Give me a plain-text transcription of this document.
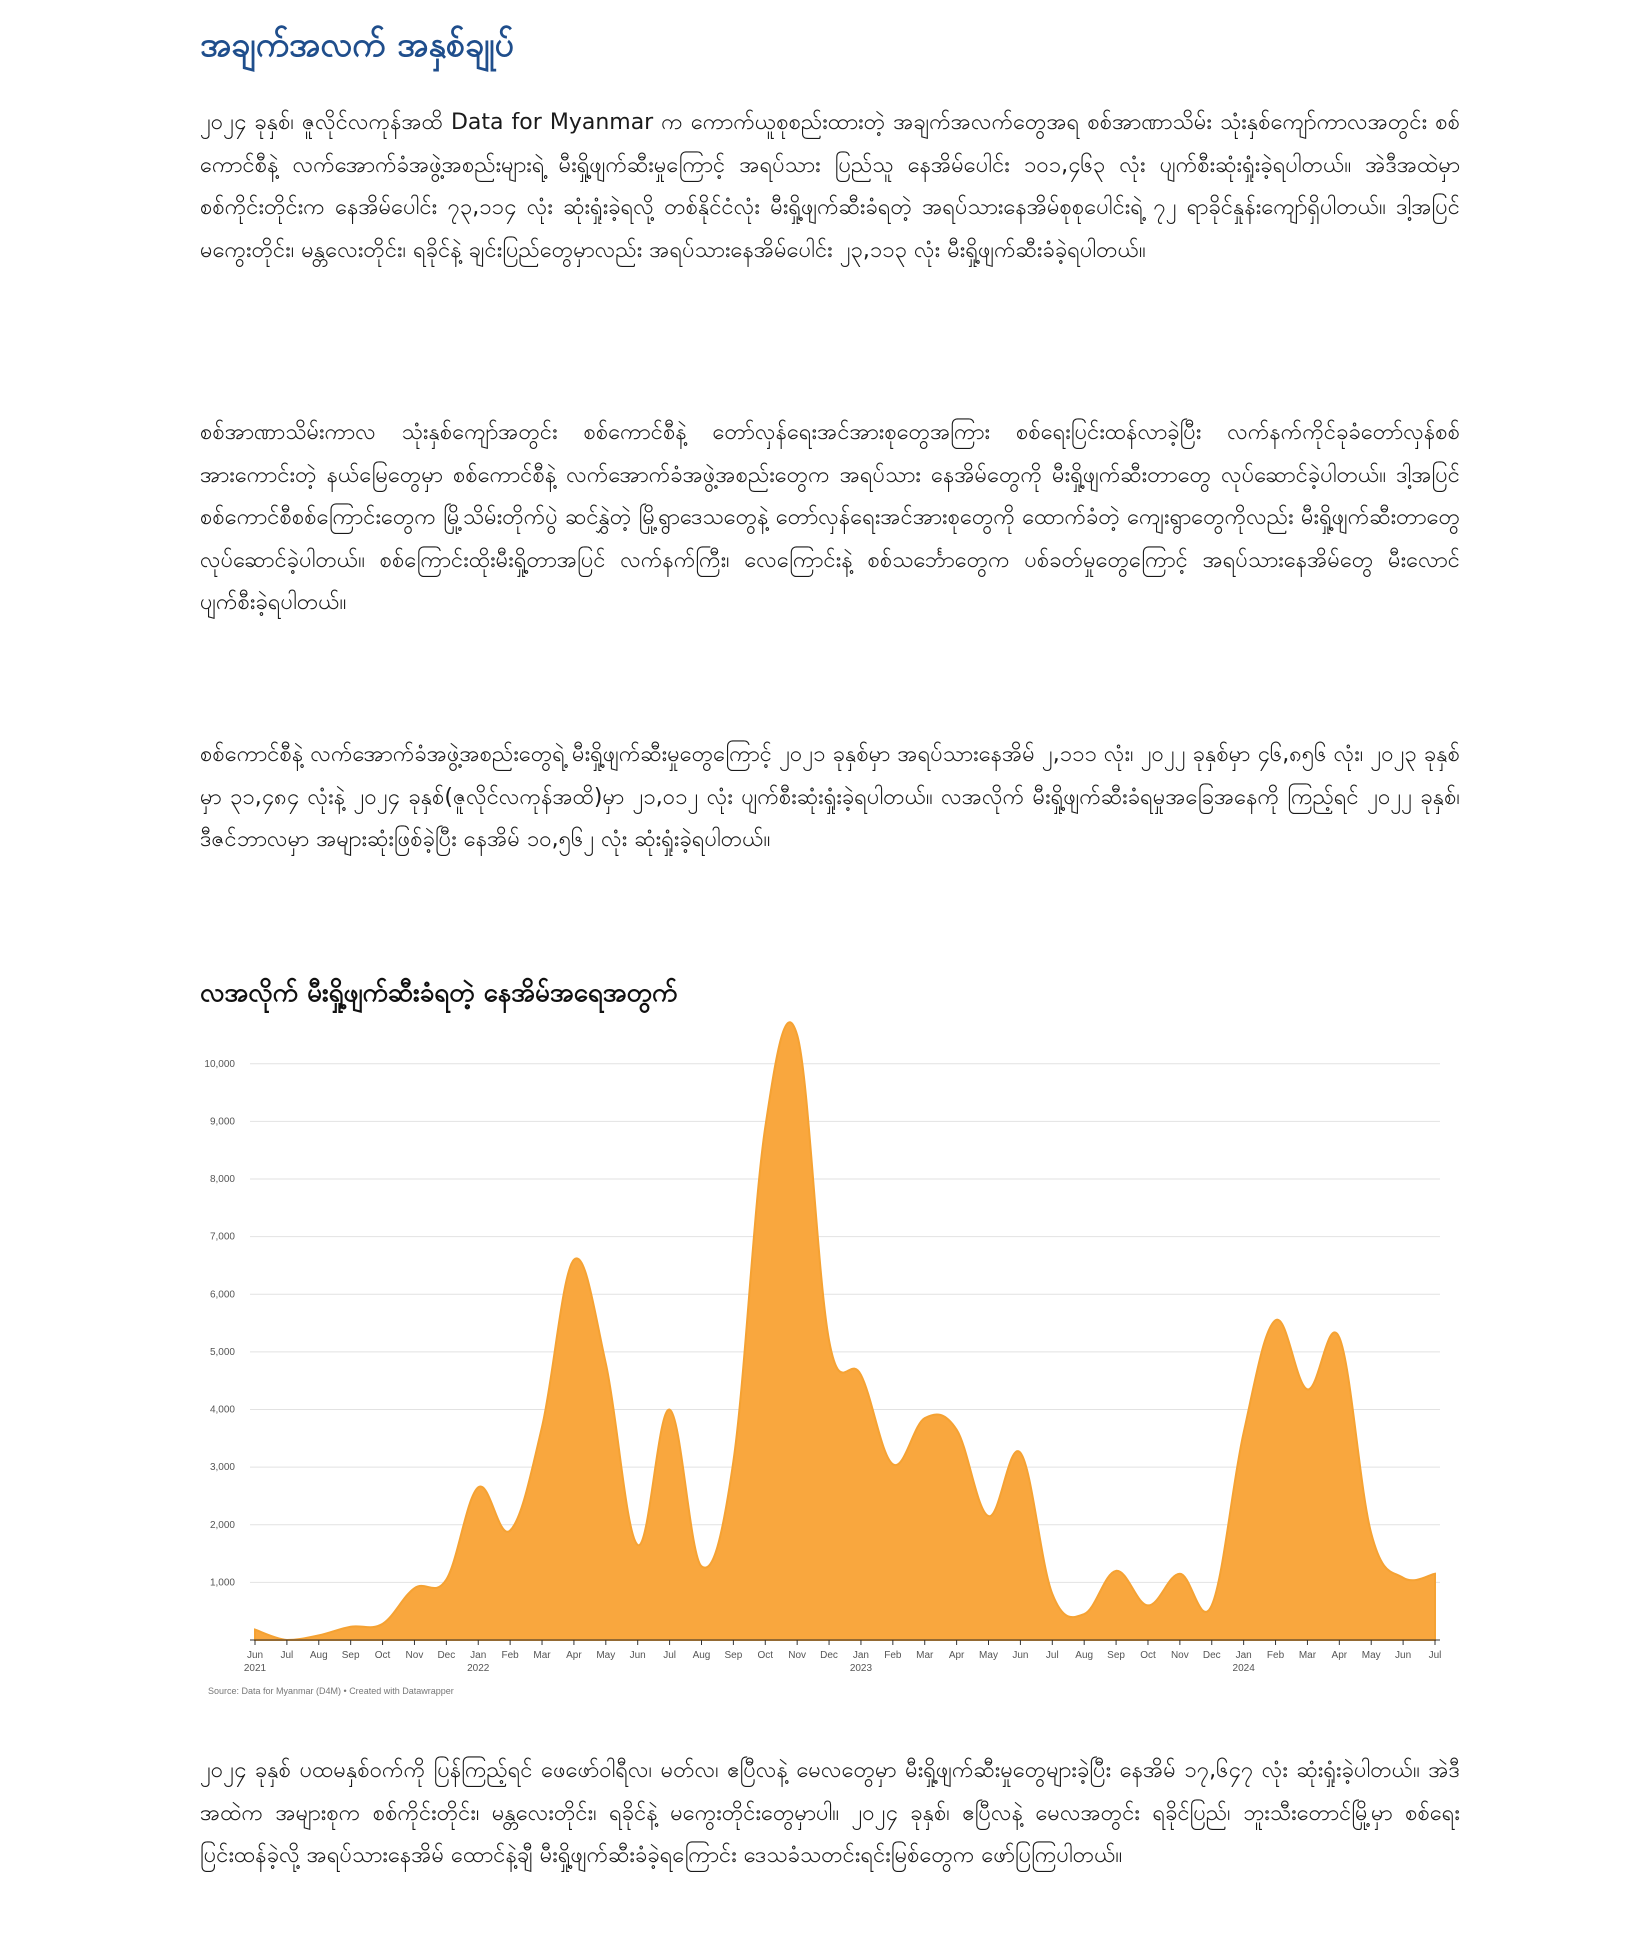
အချက်အလက် အနှစ်ချုပ်

၂၀၂၄ ခုနှစ်၊ ဇူလိုင်လကုန်အထိ Data for Myanmar က ကောက်ယူစုစည်းထားတဲ့ အချက်အလက်တွေအရ စစ်အာဏာသိမ်း သုံးနှစ်ကျော်ကာလအတွင်း စစ်ကောင်စီနဲ့ လက်အောက်ခံအဖွဲ့အစည်းများရဲ့ မီးရှို့ဖျက်ဆီးမှုကြောင့် အရပ်သား ပြည်သူ နေအိမ်ပေါင်း ၁၀၁,၄၆၃ လုံး ပျက်စီးဆုံးရှုံးခဲ့ရပါတယ်။ အဲဒီအထဲမှာ စစ်ကိုင်းတိုင်းက နေအိမ်ပေါင်း ၇၃,၁၁၄ လုံး ဆုံးရှုံးခဲ့ရလို့ တစ်နိုင်ငံလုံး မီးရှို့ဖျက်ဆီးခံရတဲ့ အရပ်သားနေအိမ်စုစုပေါင်းရဲ့ ၇၂ ရာခိုင်နှုန်းကျော်ရှိပါတယ်။ ဒါ့အပြင် မကွေးတိုင်း၊ မန္တလေးတိုင်း၊ ရခိုင်နဲ့ ချင်းပြည်တွေမှာလည်း အရပ်သားနေအိမ်ပေါင်း ၂၃,၁၁၃ လုံး မီးရှို့ဖျက်ဆီးခံခဲ့ရပါတယ်။

စစ်အာဏာသိမ်းကာလ သုံးနှစ်ကျော်အတွင်း စစ်ကောင်စီနဲ့ တော်လှန်ရေးအင်အားစုတွေအကြား စစ်ရေးပြင်းထန်လာခဲ့ပြီး လက်နက်ကိုင်ခုခံတော်လှန်စစ် အားကောင်းတဲ့ နယ်မြေတွေမှာ စစ်ကောင်စီနဲ့ လက်အောက်ခံအဖွဲ့အစည်းတွေက အရပ်သား နေအိမ်တွေကို မီးရှို့ဖျက်ဆီးတာတွေ လုပ်ဆောင်ခဲ့ပါတယ်။ ဒါ့အပြင် စစ်ကောင်စီစစ်ကြောင်းတွေက မြို့သိမ်းတိုက်ပွဲ ဆင်နွှဲတဲ့ မြို့ရွာဒေသတွေနဲ့ တော်လှန်ရေးအင်အားစုတွေကို ထောက်ခံတဲ့ ကျေးရွာတွေကိုလည်း မီးရှို့ဖျက်ဆီးတာတွေ လုပ်ဆောင်ခဲ့ပါတယ်။ စစ်ကြောင်းထိုးမီးရှို့တာအပြင် လက်နက်ကြီး၊ လေကြောင်းနဲ့ စစ်သင်္ဘောတွေက ပစ်ခတ်မှုတွေကြောင့် အရပ်သားနေအိမ်တွေ မီးလောင်ပျက်စီးခဲ့ရပါတယ်။

စစ်ကောင်စီနဲ့ လက်အောက်ခံအဖွဲ့အစည်းတွေရဲ့ မီးရှို့ဖျက်ဆီးမှုတွေကြောင့် ၂၀၂၁ ခုနှစ်မှာ အရပ်သားနေအိမ် ၂,၁၁၁ လုံး၊ ၂၀၂၂ ခုနှစ်မှာ ၄၆,၈၅၆ လုံး၊ ၂၀၂၃ ခုနှစ်မှာ ၃၁,၄၈၄ လုံးနဲ့ ၂၀၂၄ ခုနှစ်(ဇူလိုင်လကုန်အထိ)မှာ ၂၁,၀၁၂ လုံး ပျက်စီးဆုံးရှုံးခဲ့ရပါတယ်။ လအလိုက် မီးရှို့ဖျက်ဆီးခံရမှုအခြေအနေကို ကြည့်ရင် ၂၀၂၂ ခုနှစ်၊ ဒီဇင်ဘာလမှာ အများဆုံးဖြစ်ခဲ့ပြီး နေအိမ် ၁၀,၅၆၂ လုံး ဆုံးရှုံးခဲ့ရပါတယ်။

လအလိုက် မီးရှို့ဖျက်ဆီးခံရတဲ့ နေအိမ်အရေအတွက်
1,000
2,000
3,000
4,000
5,000
6,000
7,000
8,000
9,000
10,000
Jun Jul Aug Sep Oct Nov Dec Jan Feb Mar Apr May Jun Jul Aug Sep Oct Nov Dec Jan Feb Mar Apr May Jun Jul Aug Sep Oct Nov Dec Jan Feb Mar Apr May Jun Jul
2021	2022	2023	2024

Source: Data for Myanmar (D4M) • Created with Datawrapper

၂၀၂၄ ခုနှစ် ပထမနှစ်ဝက်ကို ပြန်ကြည့်ရင် ဖေဖော်ဝါရီလ၊ မတ်လ၊ ဧပြီလနဲ့ မေလတွေမှာ မီးရှို့ဖျက်ဆီးမှုတွေများခဲ့ပြီး နေအိမ် ၁၇,၆၄၇ လုံး ဆုံးရှုံးခဲ့ပါတယ်။ အဲဒီအထဲက အများစုက စစ်ကိုင်းတိုင်း၊ မန္တလေးတိုင်း၊ ရခိုင်နဲ့ မကွေးတိုင်းတွေမှာပါ။ ၂၀၂၄ ခုနှစ်၊ ဧပြီလနဲ့ မေလအတွင်း ရခိုင်ပြည်၊ ဘူးသီးတောင်မြို့မှာ စစ်ရေးပြင်းထန်ခဲ့လို့ အရပ်သားနေအိမ် ထောင်နဲ့ချီ မီးရှို့ဖျက်ဆီးခံခဲ့ရကြောင်း ဒေသခံသတင်းရင်းမြစ်တွေက ဖော်ပြကြပါတယ်။
